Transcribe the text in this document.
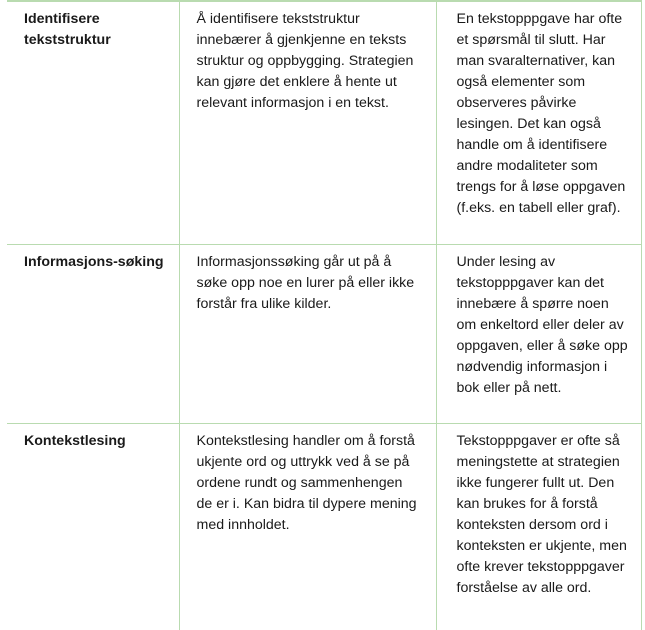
Identifisere tekststruktur	Å identifisere tekststruktur innebærer å gjenkjenne en teksts struktur og oppbygging. Strategien kan gjøre det enklere å hente ut relevant informasjon i en tekst.	En tekstopppgave har ofte et spørsmål til slutt. Har man svaralternativer, kan også elementer som observeres påvirke lesingen. Det kan også handle om å identifisere andre modaliteter som trengs for å løse oppgaven (f.eks. en tabell eller graf).
Informasjons-søking	Informasjonssøking går ut på å søke opp noe en lurer på eller ikke forstår fra ulike kilder.	Under lesing av tekstopppgaver kan det innebære å spørre noen om enkeltord eller deler av oppgaven, eller å søke opp nødvendig informasjon i bok eller på nett.
Kontekstlesing	Kontekstlesing handler om å forstå ukjente ord og uttrykk ved å se på ordene rundt og sammenhengen de er i. Kan bidra til dypere mening med innholdet.	Tekstopppgaver er ofte så meningstette at strategien ikke fungerer fullt ut. Den kan brukes for å forstå konteksten dersom ord i konteksten er ukjente, men ofte krever tekstopppgaver forståelse av alle ord.
